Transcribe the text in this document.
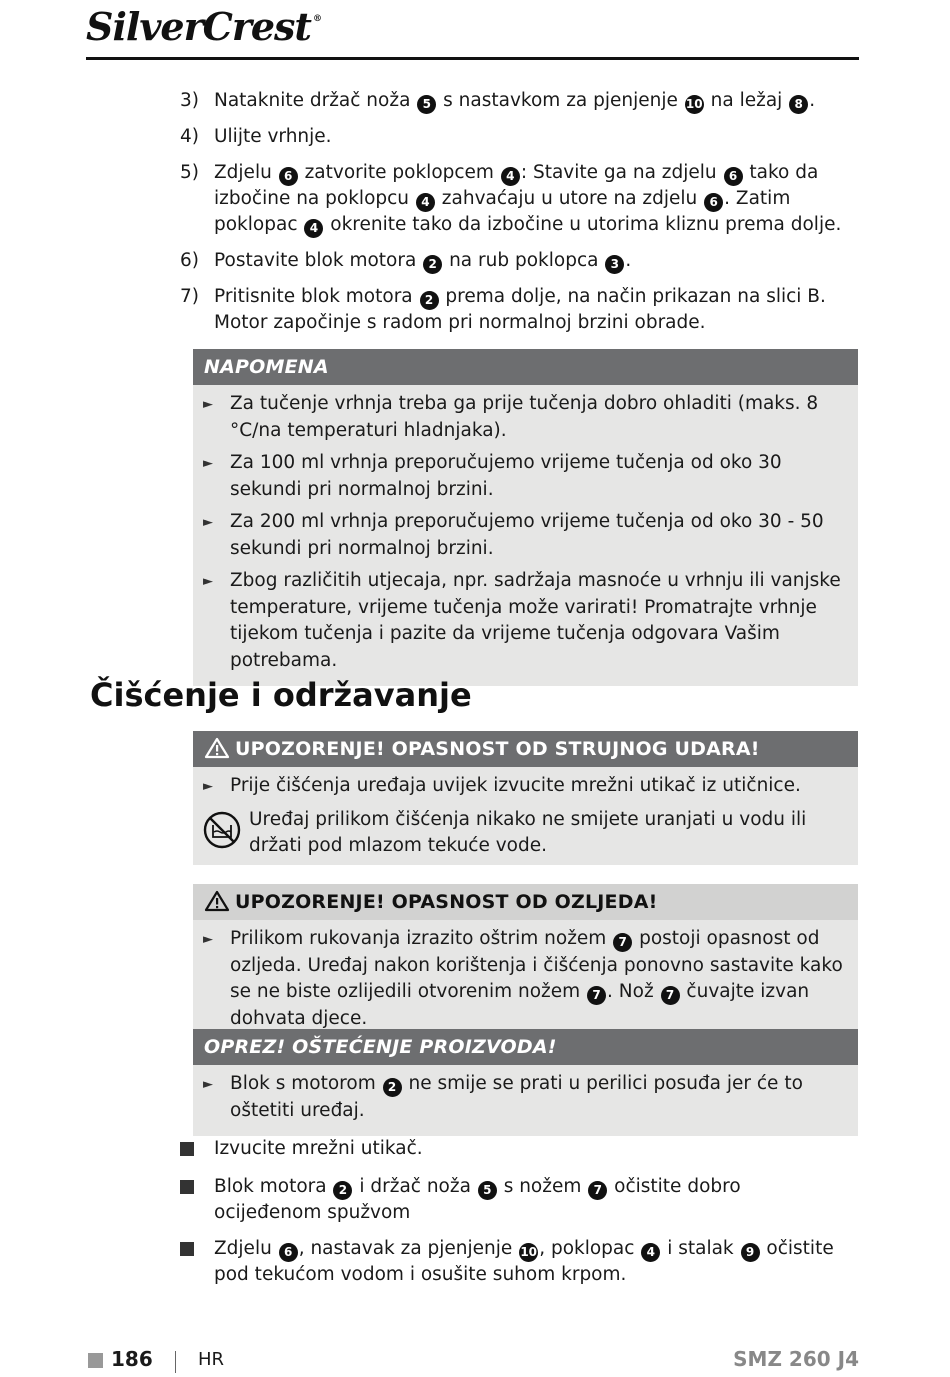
SilverCrest ®
3) Nataknite držač noža 5 s nastavkom za pjenjenje 10 na ležaj 8 .
4) Ulijte vrhnje.
5) Zdjelu 6 zatvorite poklopcem 4 : Stavite ga na zdjelu 6 tako da izbočine na poklopcu 4 zahvaćaju u utore na zdjelu 6 . Zatim poklopac 4 okrenite tako da izbočine u utorima kliznu prema dolje.
6) Postavite blok motora 2 na rub poklopca 3 .
7) Pritisnite blok motora 2 prema dolje, na način prikazan na slici B. Motor započinje s radom pri normalnoj brzini obrade.
NAPOMENA
► Za tučenje vrhnja treba ga prije tučenja dobro ohladiti (maks. 8 °C/na temperaturi hladnjaka).
► Za 100 ml vrhnja preporučujemo vrijeme tučenja od oko 30 sekundi pri normalnoj brzini.
► Za 200 ml vrhnja preporučujemo vrijeme tučenja od oko 30 - 50 sekundi pri normalnoj brzini.
► Zbog različitih utjecaja, npr. sadržaja masnoće u vrhnju ili vanjske temperature, vrijeme tučenja može varirati! Promatrajte vrhnje tijekom tučenja i pazite da vrijeme tučenja odgovara Vašim potrebama.
Čišćenje i održavanje
UPOZORENJE! OPASNOST OD STRUJNOG UDARA!
► Prije čišćenja uređaja uvijek izvucite mrežni utikač iz utičnice.
Uređaj prilikom čišćenja nikako ne smijete uranjati u vodu ili držati pod mlazom tekuće vode.
UPOZORENJE! OPASNOST OD OZLJEDA!
► Prilikom rukovanja izrazito oštrim nožem 7 postoji opasnost od ozljeda. Uređaj nakon korištenja i čišćenja ponovno sastavite kako se ne biste ozlijedili otvorenim nožem 7 . Nož 7 čuvajte izvan dohvata djece.
OPREZ! OŠTEĆENJE PROIZVODA!
► Blok s motorom 2 ne smije se prati u perilici posuđa jer će to oštetiti uređaj.
Izvucite mrežni utikač.
Blok motora 2 i držač noža 5 s nožem 7 očistite dobro ocijeđenom spužvom
Zdjelu 6 , nastavak za pjenjenje 10 , poklopac 4 i stalak 9 očistite pod tekućom vodom i osušite suhom krpom.
186	HR	SMZ 260 J4
